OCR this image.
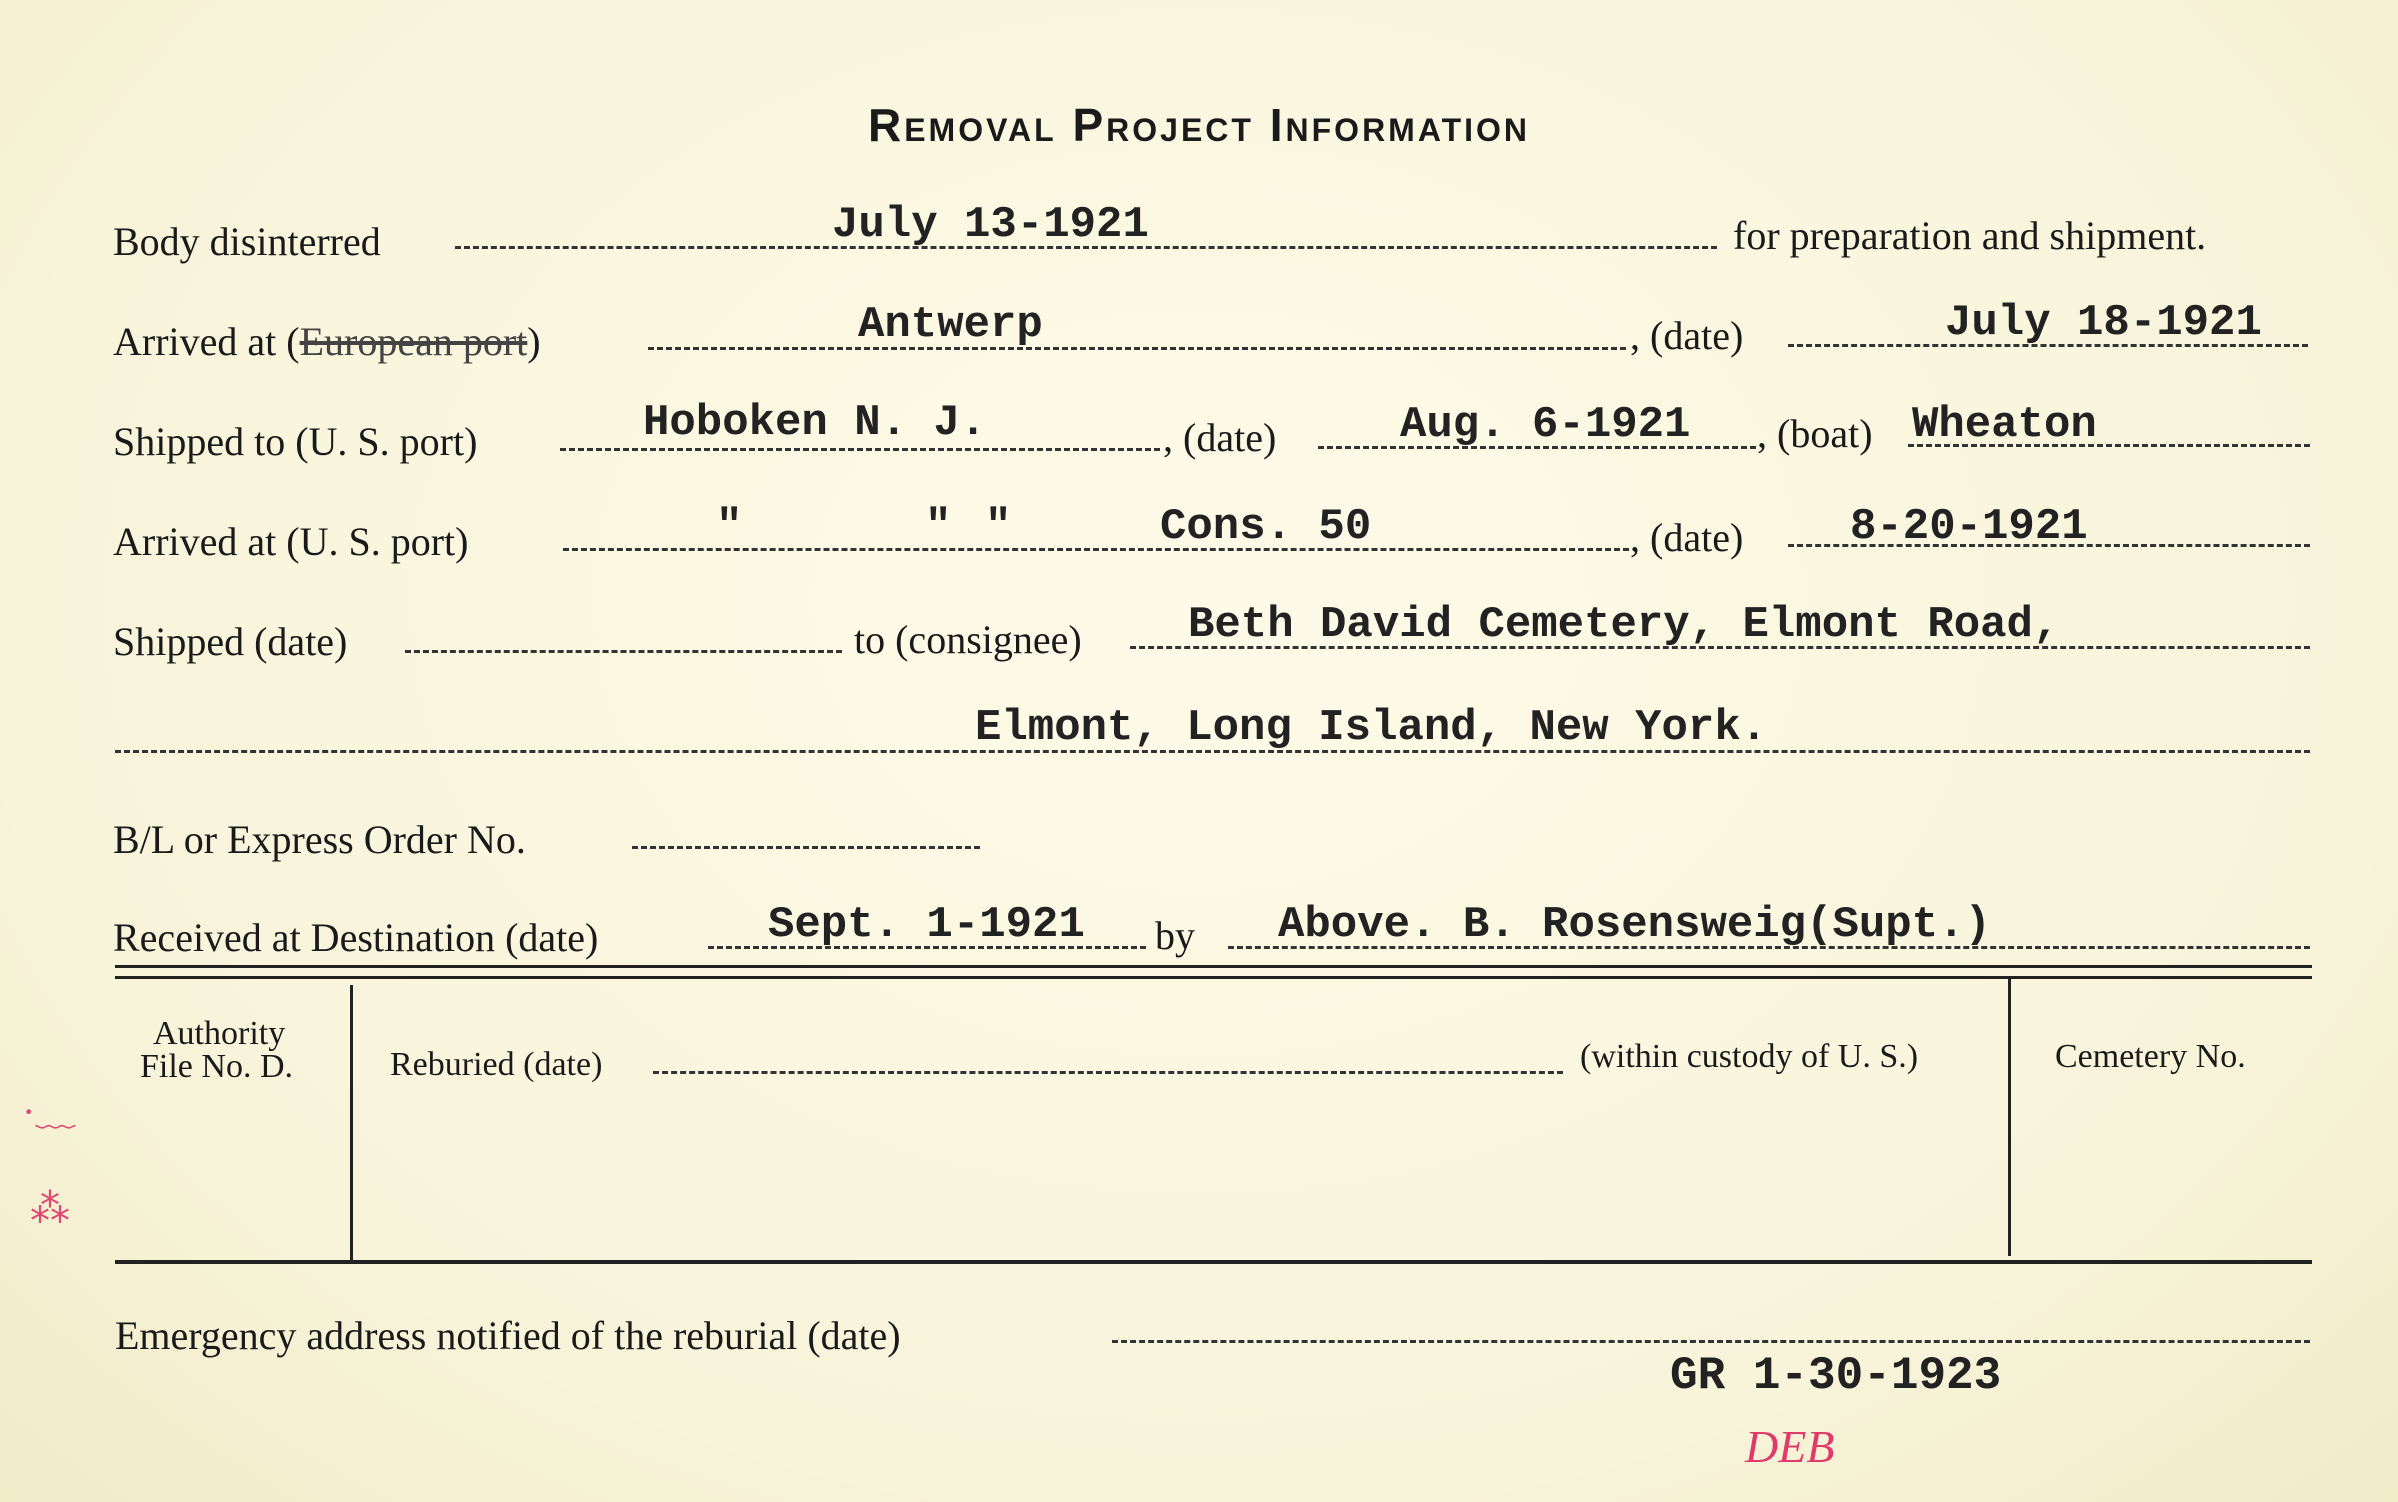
Removal Project Information
Body disinterred	July 13-1921	for preparation and shipment.
Arrived at (European port)	Antwerp	, (date)	July 18-1921
Shipped to (U. S. port)	Hoboken N. J.	, (date)	Aug. 6-1921 , (boat) Wheaton
Arrived at (U. S. port)	"	" "	Cons. 50	, (date) 8-20-1921
Shipped (date)	to (consignee) Beth David Cemetery, Elmont Road,
Elmont, Long Island, New York.
B/L or Express Order No.
Received at Destination (date)	Sept. 1-1921 by Above. B. Rosensweig(Supt.)
Authority
File No. D.	Reburied (date)	(within custody of U. S.)	Cemetery No.
Emergency address notified of the reburial (date)
GR 1-30-1923
DEB
·﹏
⁂
